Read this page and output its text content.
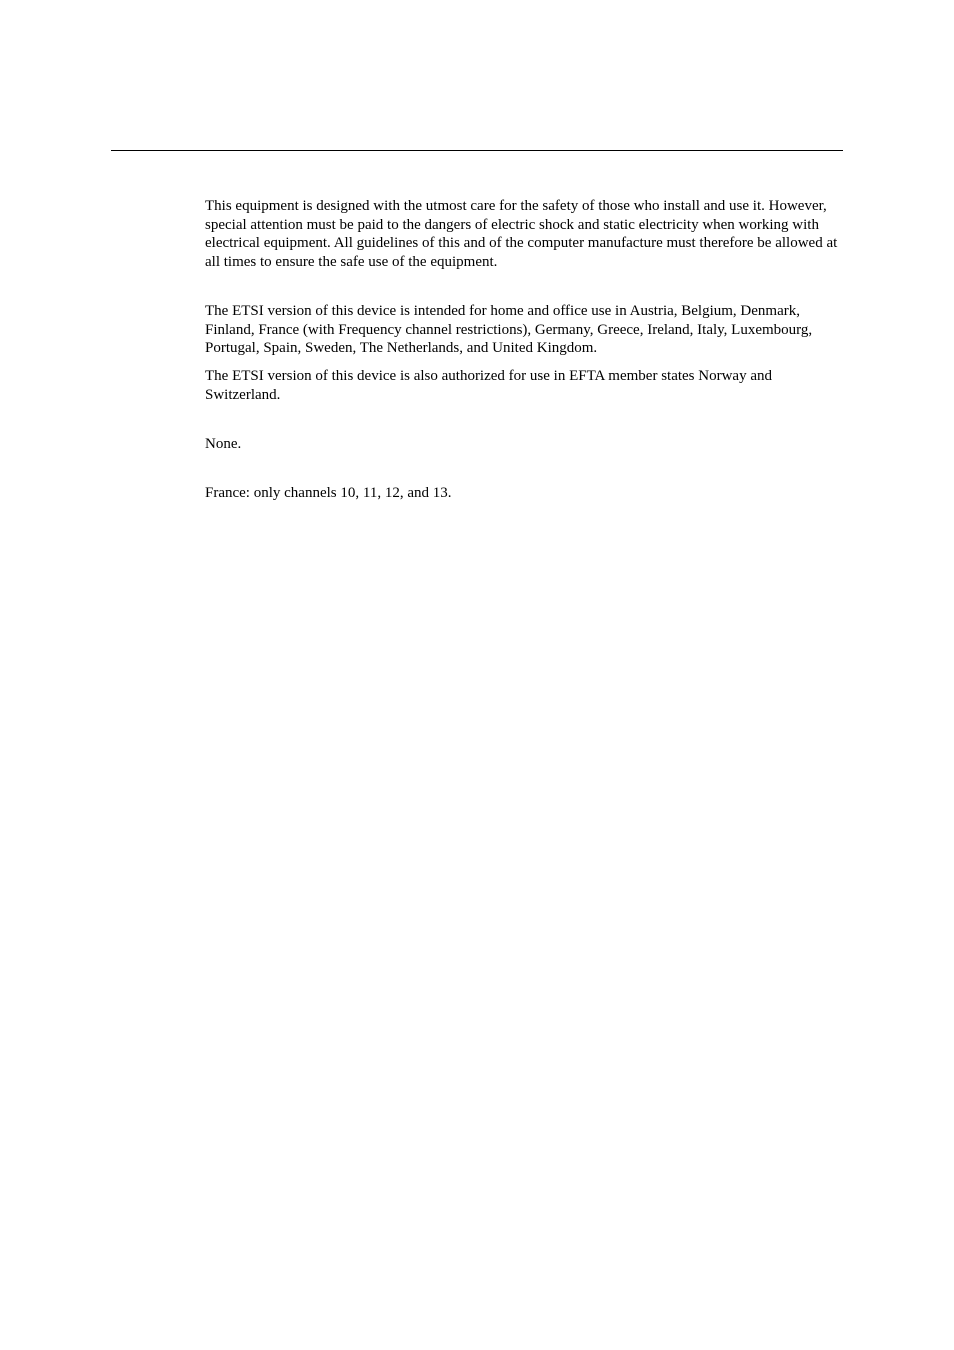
This equipment is designed with the utmost care for the safety of those who install and use it. However, special attention must be paid to the dangers of electric shock and static electricity when working with electrical equipment. All guidelines of this and of the computer manufacture must therefore be allowed at all times to ensure the safe use of the equipment.

The ETSI version of this device is intended for home and office use in Austria, Belgium, Denmark, Finland, France (with Frequency channel restrictions), Germany, Greece, Ireland, Italy, Luxembourg, Portugal, Spain, Sweden, The Netherlands, and United Kingdom.

The ETSI version of this device is also authorized for use in EFTA member states Norway and Switzerland.

None.

France: only channels 10, 11, 12, and 13.
